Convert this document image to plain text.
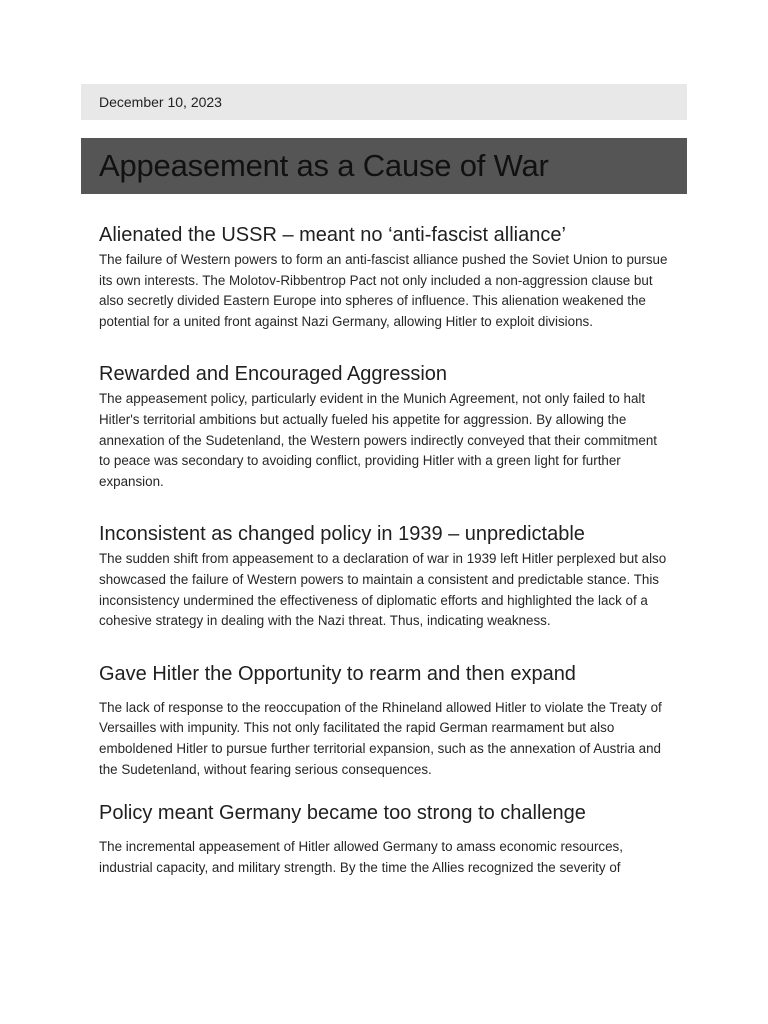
December 10, 2023
Appeasement as a Cause of War
Alienated the USSR – meant no ‘anti-fascist alliance’

The failure of Western powers to form an anti-fascist alliance pushed the Soviet Union to pursue its own interests. The Molotov-Ribbentrop Pact not only included a non-aggression clause but also secretly divided Eastern Europe into spheres of influence. This alienation weakened the potential for a united front against Nazi Germany, allowing Hitler to exploit divisions.

Rewarded and Encouraged Aggression

The appeasement policy, particularly evident in the Munich Agreement, not only failed to halt Hitler's territorial ambitions but actually fueled his appetite for aggression. By allowing the annexation of the Sudetenland, the Western powers indirectly conveyed that their commitment to peace was secondary to avoiding conflict, providing Hitler with a green light for further expansion.

Inconsistent as changed policy in 1939 – unpredictable

The sudden shift from appeasement to a declaration of war in 1939 left Hitler perplexed but also showcased the failure of Western powers to maintain a consistent and predictable stance. This inconsistency undermined the effectiveness of diplomatic efforts and highlighted the lack of a cohesive strategy in dealing with the Nazi threat. Thus, indicating weakness.

Gave Hitler the Opportunity to rearm and then expand

The lack of response to the reoccupation of the Rhineland allowed Hitler to violate the Treaty of Versailles with impunity. This not only facilitated the rapid German rearmament but also emboldened Hitler to pursue further territorial expansion, such as the annexation of Austria and the Sudetenland, without fearing serious consequences.

Policy meant Germany became too strong to challenge

The incremental appeasement of Hitler allowed Germany to amass economic resources, industrial capacity, and military strength. By the time the Allies recognized the severity of
